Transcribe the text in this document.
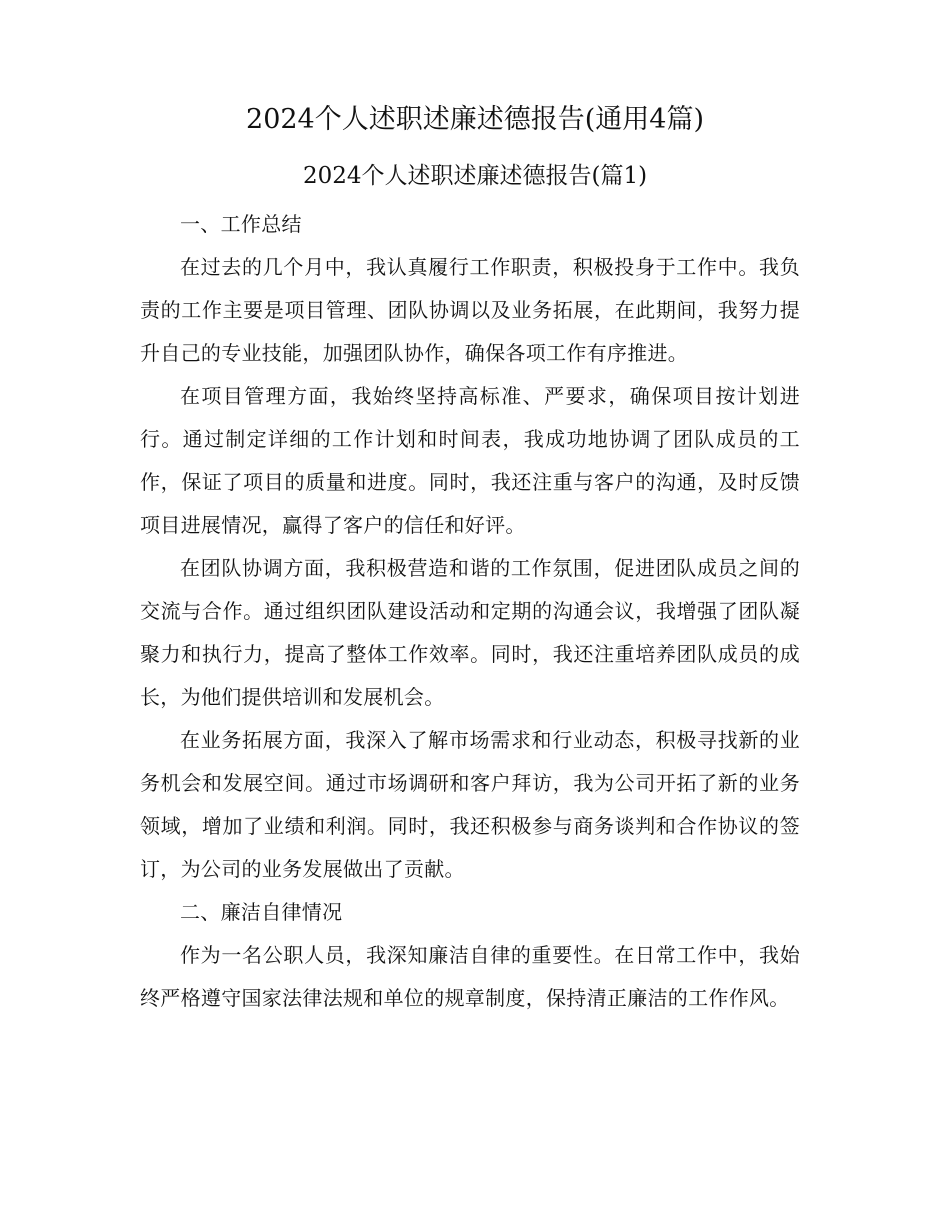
2024个人述职述廉述德报告(通用4篇)
2024个人述职述廉述德报告(篇1)

一、工作总结

在过去的几个月中，我认真履行工作职责，积极投身于工作中。我负责的工作主要是项目管理、团队协调以及业务拓展，在此期间，我努力提升自己的专业技能，加强团队协作，确保各项工作有序推进。

在项目管理方面，我始终坚持高标准、严要求，确保项目按计划进行。通过制定详细的工作计划和时间表，我成功地协调了团队成员的工作，保证了项目的质量和进度。同时，我还注重与客户的沟通，及时反馈项目进展情况，赢得了客户的信任和好评。

在团队协调方面，我积极营造和谐的工作氛围，促进团队成员之间的交流与合作。通过组织团队建设活动和定期的沟通会议，我增强了团队凝聚力和执行力，提高了整体工作效率。同时，我还注重培养团队成员的成长，为他们提供培训和发展机会。

在业务拓展方面，我深入了解市场需求和行业动态，积极寻找新的业务机会和发展空间。通过市场调研和客户拜访，我为公司开拓了新的业务领域，增加了业绩和利润。同时，我还积极参与商务谈判和合作协议的签订，为公司的业务发展做出了贡献。

二、廉洁自律情况

作为一名公职人员，我深知廉洁自律的重要性。在日常工作中，我始终严格遵守国家法律法规和单位的规章制度，保持清正廉洁的工作作风。
